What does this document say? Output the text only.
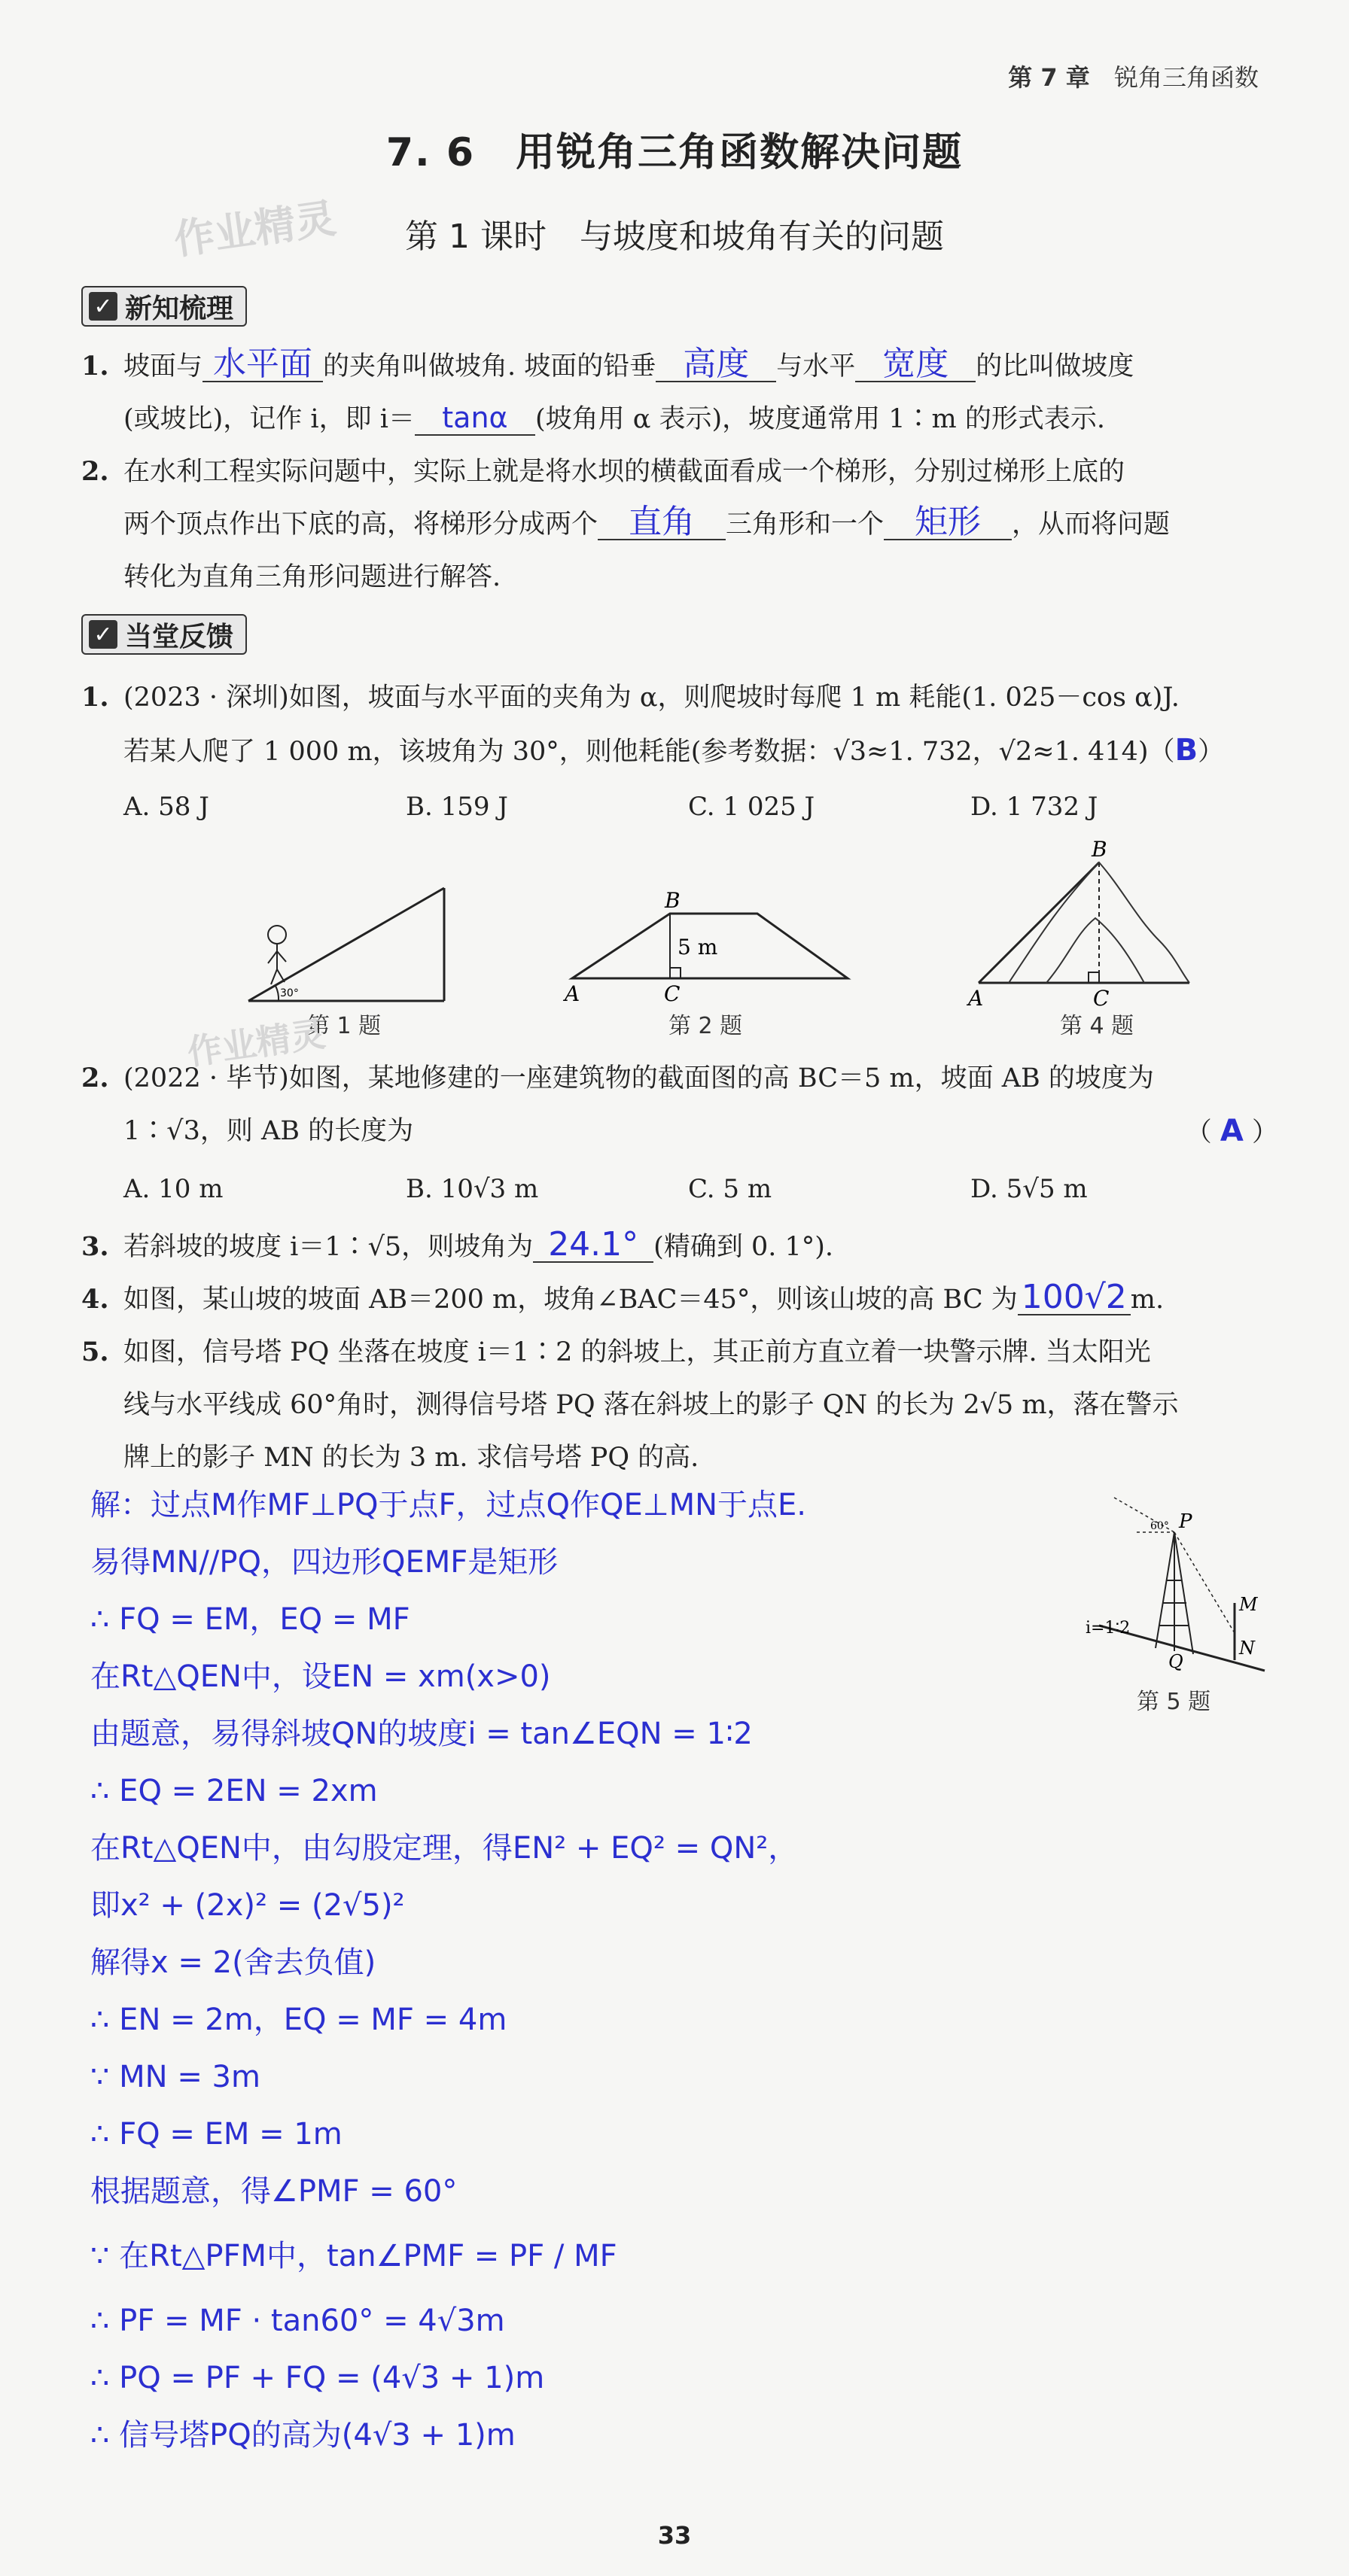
第 7 章 锐角三角函数
7. 6　用锐角三角函数解决问题
作业精灵	第 1 课时　与坡度和坡角有关的问题
✓ 新知梳理
1. 坡面与 水平面 的夹角叫做坡角. 坡面的铅垂 高度 与水平 宽度 的比叫做坡度
(或坡比)，记作 i，即 i＝ tanα (坡角用 α 表示)，坡度通常用 1∶m 的形式表示.
2. 在水利工程实际问题中，实际上就是将水坝的横截面看成一个梯形，分别过梯形上底的
两个顶点作出下底的高，将梯形分成两个 直角 三角形和一个 矩形 ，从而将问题
转化为直角三角形问题进行解答.
✓ 当堂反馈
1. (2023 · 深圳)如图，坡面与水平面的夹角为 α，则爬坡时每爬 1 m 耗能(1. 025－cos α)J.
若某人爬了 1 000 m，该坡角为 30°，则他耗能(参考数据：√3≈1. 732，√2≈1. 414)（B）
A. 58 J	B. 159 J	C. 1 025 J	D. 1 732 J
30°
第 1 题
B
A	C
5 m
第 2 题
B
A	C
第 4 题
作业精灵
2. (2022 · 毕节)如图，某地修建的一座建筑物的截面图的高 BC＝5 m，坡面 AB 的坡度为
1∶√3，则 AB 的长度为	（ A ）
A. 10 m	B. 10√3 m	C. 5 m	D. 5√5 m
3. 若斜坡的坡度 i＝1∶√5，则坡角为 24.1° (精确到 0. 1°).
4. 如图，某山坡的坡面 AB＝200 m，坡角∠BAC＝45°，则该山坡的高 BC 为 100√2 m.
5. 如图，信号塔 PQ 坐落在坡度 i＝1∶2 的斜坡上，其正前方直立着一块警示牌. 当太阳光
线与水平线成 60°角时，测得信号塔 PQ 落在斜坡上的影子 QN 的长为 2√5 m，落在警示
牌上的影子 MN 的长为 3 m. 求信号塔 PQ 的高.
P
M
N
Q
i=1∶2
60°
第 5 题
解：过点M作MF⊥PQ于点F，过点Q作QE⊥MN于点E.
易得MN//PQ，四边形QEMF是矩形
∴ FQ = EM，EQ = MF
在Rt△QEN中，设EN = xm(x>0)
由题意，易得斜坡QN的坡度i = tan∠EQN = 1∶2
∴ EQ = 2EN = 2xm
在Rt△QEN中，由勾股定理，得EN² + EQ² = QN²，
即x² + (2x)² = (2√5)²
解得x = 2(舍去负值)
∴ EN = 2m，EQ = MF = 4m
∵ MN = 3m
∴ FQ = EM = 1m
根据题意，得∠PMF = 60°
∵ 在Rt△PFM中，tan∠PMF = PF / MF
∴ PF = MF · tan60° = 4√3m
∴ PQ = PF + FQ = (4√3 + 1)m
∴ 信号塔PQ的高为(4√3 + 1)m
33
